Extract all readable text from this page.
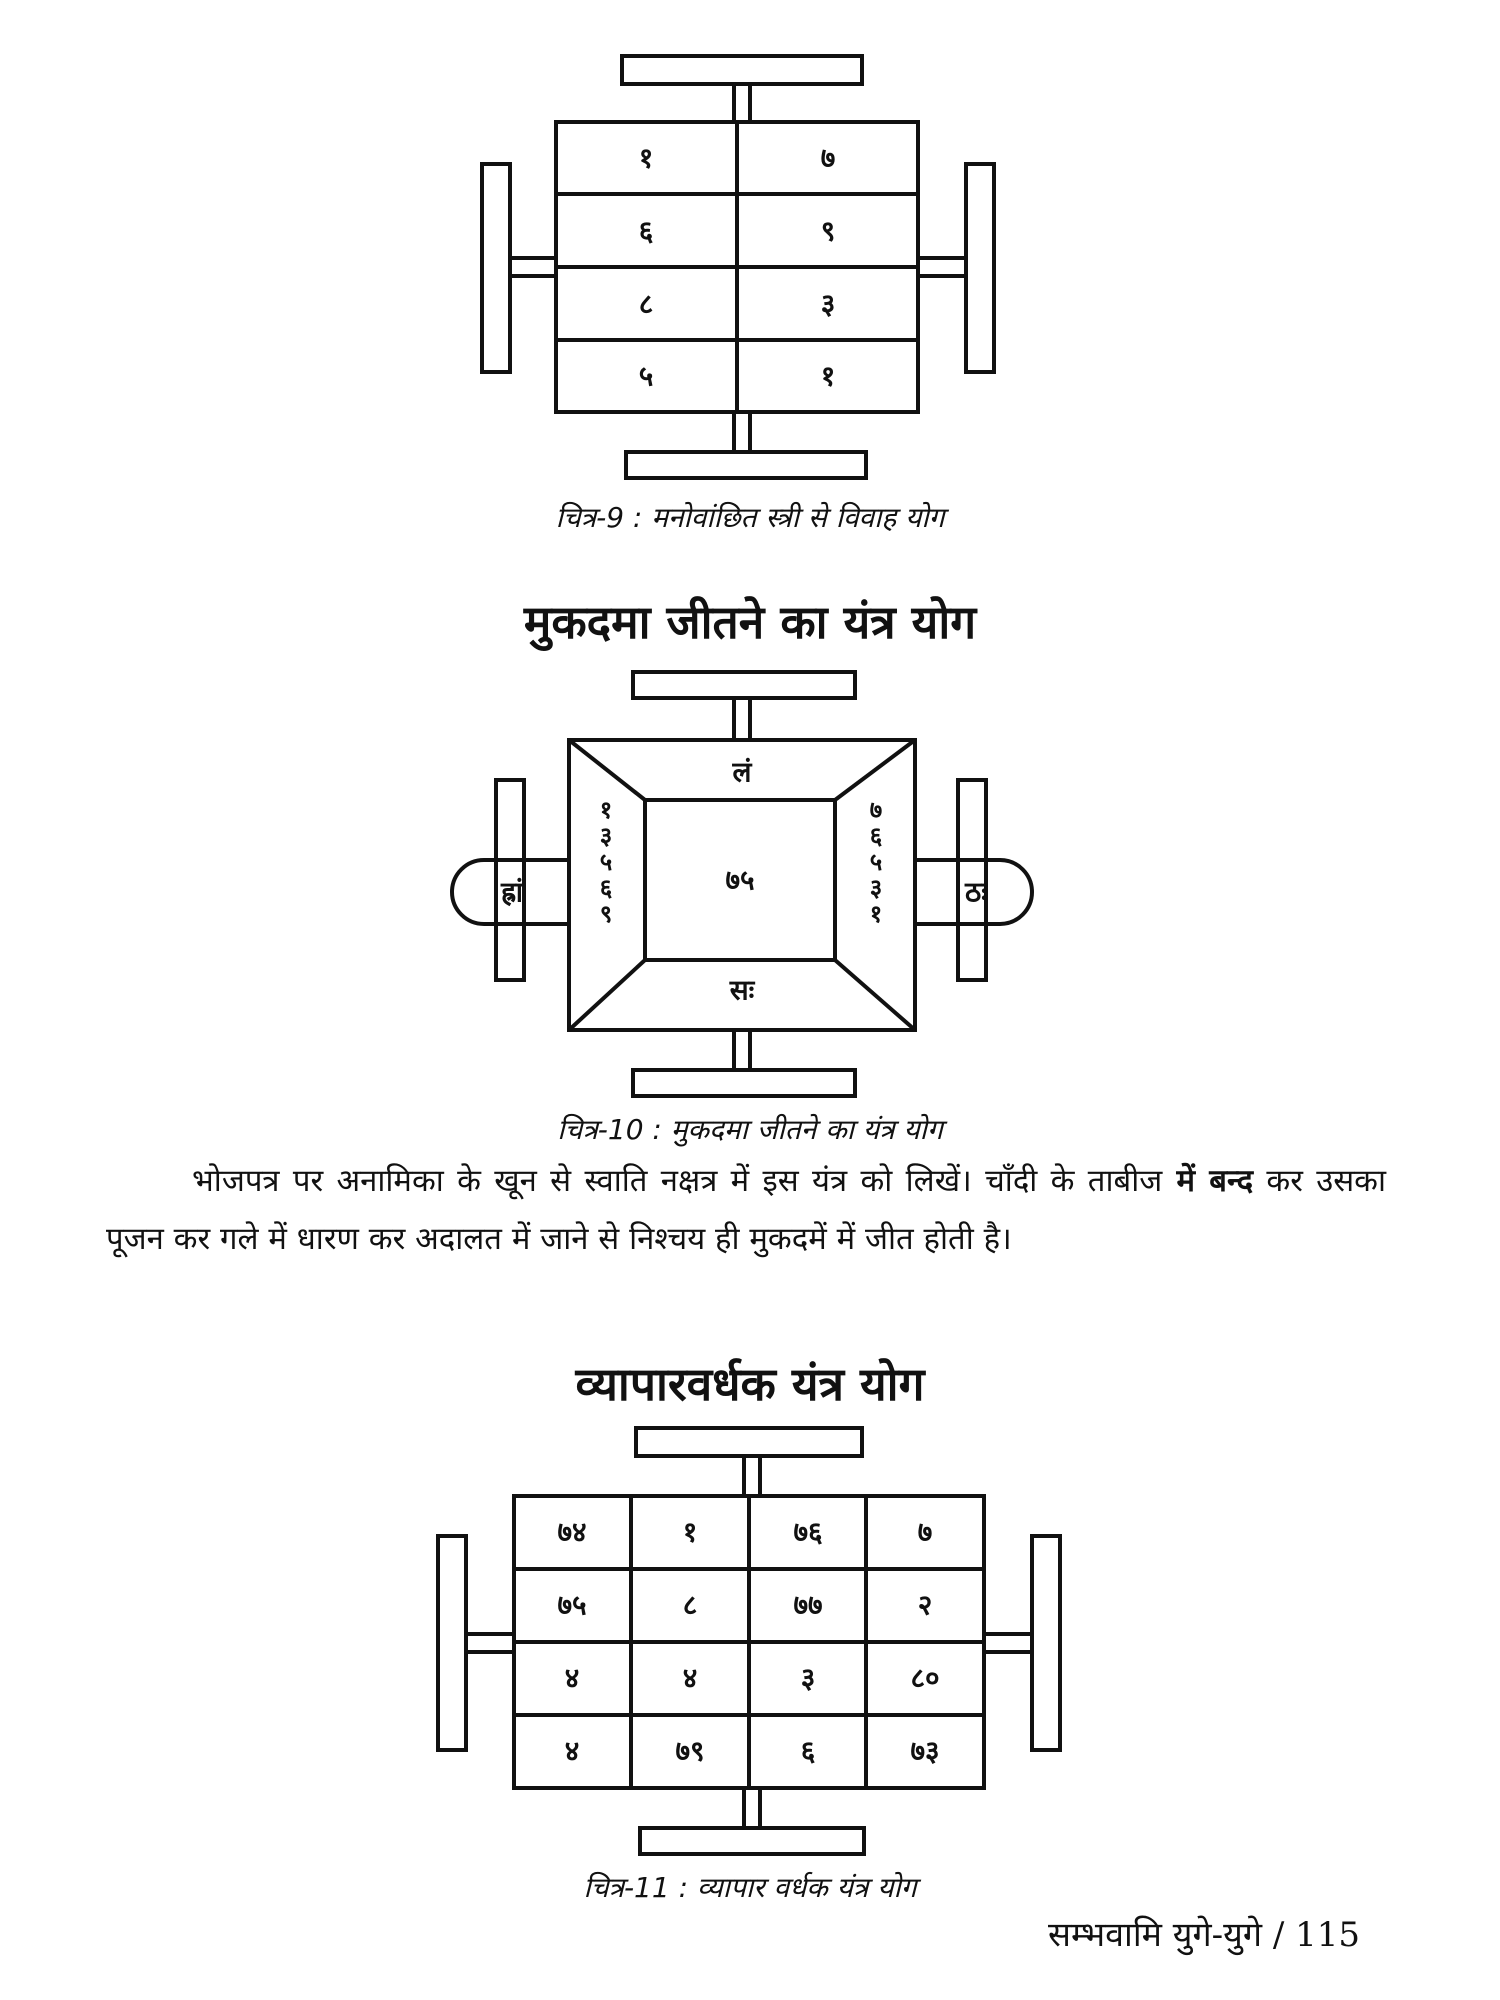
१	७
६	९
८	३
५	१
चित्र-9 : मनोवांछित स्त्री से विवाह योग
मुकदमा जीतने का यंत्र योग
लं
सः
ह्रां	ठः
७५
१
३
५
६
९
७
६
५
३
१
चित्र-10 : मुकदमा जीतने का यंत्र योग
भोजपत्र पर अनामिका के खून से स्वाति नक्षत्र में इस यंत्र को लिखें। चाँदी के ताबीज में बन्द कर उसका पूजन कर गले में धारण कर अदालत में जाने से निश्चय ही मुकदमें में जीत होती है।
व्यापारवर्धक यंत्र योग
७४	१	७६	७
७५	८	७७	२
४	४	३	८०
४	७९	६	७३
चित्र-11 : व्यापार वर्धक यंत्र योग
सम्भवामि युगे-युगे / 115
